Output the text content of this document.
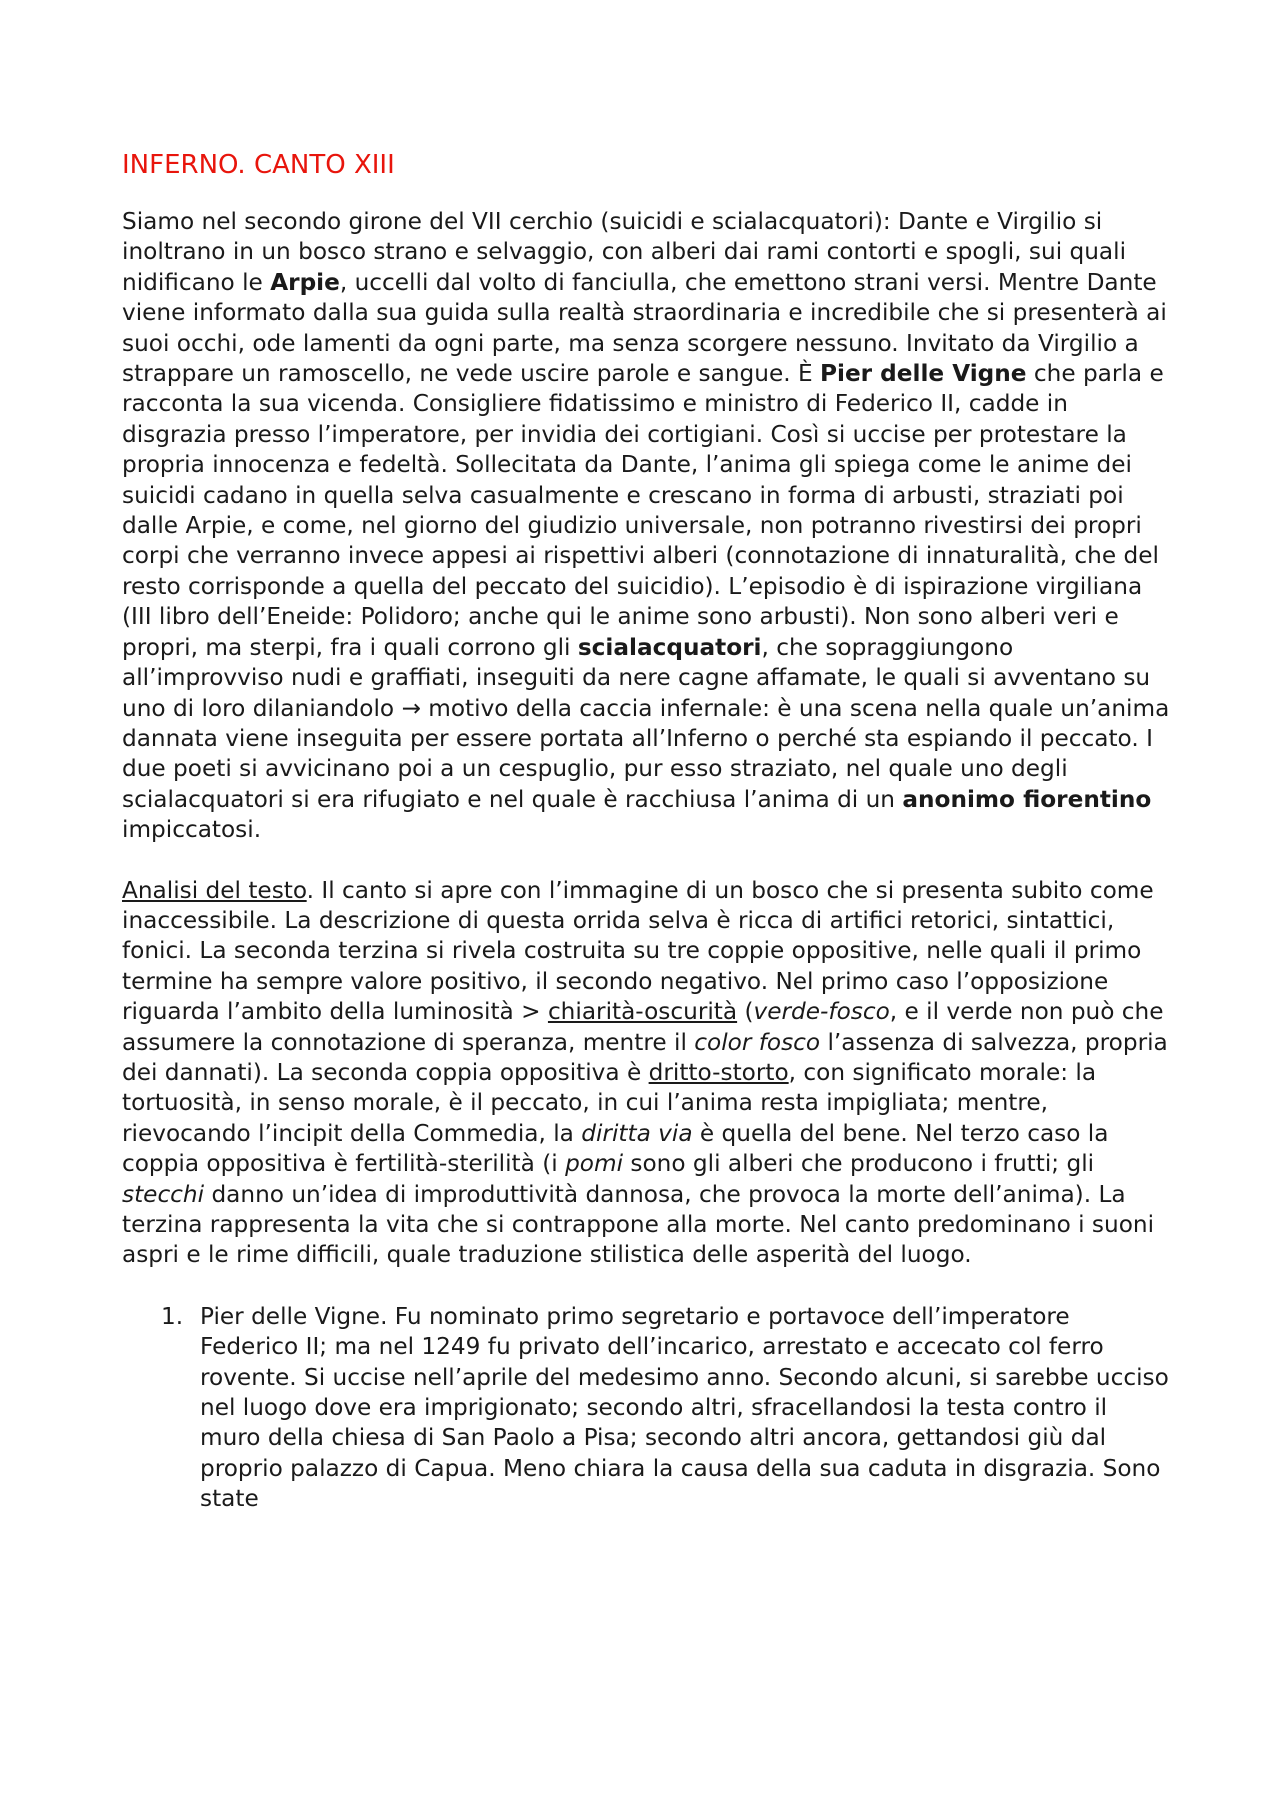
INFERNO. CANTO XIII

Siamo nel secondo girone del VII cerchio (suicidi e scialacquatori): Dante e Virgilio si inoltrano in un bosco strano e selvaggio, con alberi dai rami contorti e spogli, sui quali nidificano le Arpie, uccelli dal volto di fanciulla, che emettono strani versi. Mentre Dante viene informato dalla sua guida sulla realtà straordinaria e incredibile che si presenterà ai suoi occhi, ode lamenti da ogni parte, ma senza scorgere nessuno. Invitato da Virgilio a strappare un ramoscello, ne vede uscire parole e sangue. È Pier delle Vigne che parla e racconta la sua vicenda. Consigliere fidatissimo e ministro di Federico II, cadde in disgrazia presso l’imperatore, per invidia dei cortigiani. Così si uccise per protestare la propria innocenza e fedeltà. Sollecitata da Dante, l’anima gli spiega come le anime dei suicidi cadano in quella selva casualmente e crescano in forma di arbusti, straziati poi dalle Arpie, e come, nel giorno del giudizio universale, non potranno rivestirsi dei propri corpi che verranno invece appesi ai rispettivi alberi (connotazione di innaturalità, che del resto corrisponde a quella del peccato del suicidio). L’episodio è di ispirazione virgiliana (III libro dell’Eneide: Polidoro; anche qui le anime sono arbusti). Non sono alberi veri e propri, ma sterpi, fra i quali corrono gli scialacquatori, che sopraggiungono all’improvviso nudi e graffiati, inseguiti da nere cagne affamate, le quali si avventano su uno di loro dilaniandolo → motivo della caccia infernale: è una scena nella quale un’anima dannata viene inseguita per essere portata all’Inferno o perché sta espiando il peccato. I due poeti si avvicinano poi a un cespuglio, pur esso straziato, nel quale uno degli scialacquatori si era rifugiato e nel quale è racchiusa l’anima di un anonimo fiorentino impiccatosi.

Analisi del testo. Il canto si apre con l’immagine di un bosco che si presenta subito come inaccessibile. La descrizione di questa orrida selva è ricca di artifici retorici, sintattici, fonici. La seconda terzina si rivela costruita su tre coppie oppositive, nelle quali il primo termine ha sempre valore positivo, il secondo negativo. Nel primo caso l’opposizione riguarda l’ambito della luminosità > chiarità-oscurità (verde-fosco, e il verde non può che assumere la connotazione di speranza, mentre il color fosco l’assenza di salvezza, propria dei dannati). La seconda coppia oppositiva è dritto-storto, con significato morale: la tortuosità, in senso morale, è il peccato, in cui l’anima resta impigliata; mentre, rievocando l’incipit della Commedia, la diritta via è quella del bene. Nel terzo caso la coppia oppositiva è fertilità-sterilità (i pomi sono gli alberi che producono i frutti; gli stecchi danno un’idea di improduttività dannosa, che provoca la morte dell’anima). La terzina rappresenta la vita che si contrappone alla morte. Nel canto predominano i suoni aspri e le rime difficili, quale traduzione stilistica delle asperità del luogo.

1. Pier delle Vigne. Fu nominato primo segretario e portavoce dell’imperatore Federico II; ma nel 1249 fu privato dell’incarico, arrestato e accecato col ferro rovente. Si uccise nell’aprile del medesimo anno. Secondo alcuni, si sarebbe ucciso nel luogo dove era imprigionato; secondo altri, sfracellandosi la testa contro il muro della chiesa di San Paolo a Pisa; secondo altri ancora, gettandosi giù dal proprio palazzo di Capua. Meno chiara la causa della sua caduta in disgrazia. Sono state
